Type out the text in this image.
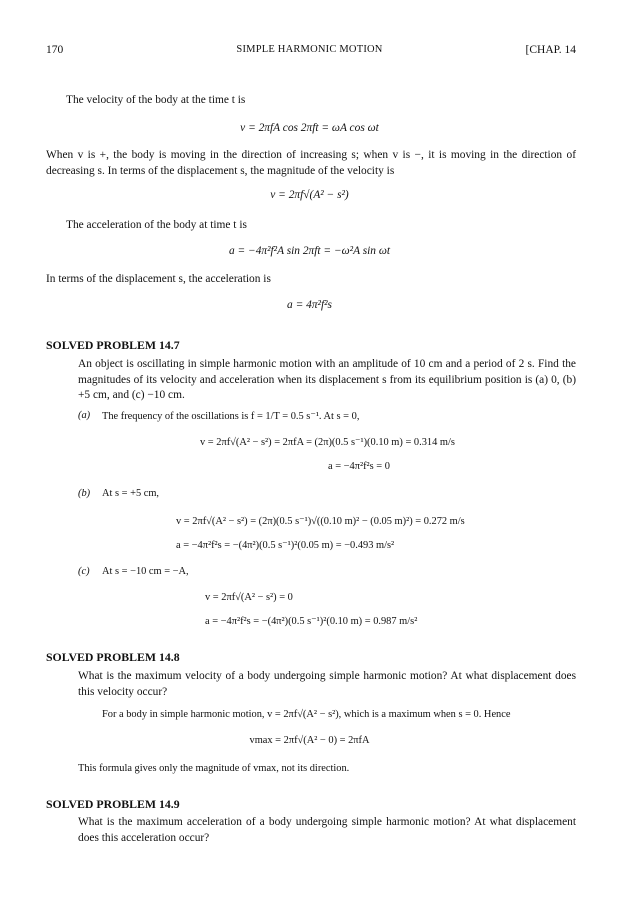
170	SIMPLE HARMONIC MOTION	[CHAP. 14
The velocity of the body at the time t is
v = 2πfA cos 2πft = ωA cos ωt
When v is +, the body is moving in the direction of increasing s; when v is −, it is moving in the direction of decreasing s. In terms of the displacement s, the magnitude of the velocity is
v = 2πf√(A² − s²)
The acceleration of the body at time t is
a = −4π²f²A sin 2πft = −ω²A sin ωt
In terms of the displacement s, the acceleration is
a = 4π²f²s
SOLVED PROBLEM 14.7
An object is oscillating in simple harmonic motion with an amplitude of 10 cm and a period of 2 s. Find the magnitudes of its velocity and acceleration when its displacement s from its equilibrium position is (a) 0, (b) +5 cm, and (c) −10 cm.
(a) The frequency of the oscillations is f = 1/T = 0.5 s⁻¹. At s = 0,
v = 2πf√(A² − s²) = 2πfA = (2π)(0.5 s⁻¹)(0.10 m) = 0.314 m/s
a = −4π²f²s = 0
(b) At s = +5 cm,
v = 2πf√(A² − s²) = (2π)(0.5 s⁻¹)√((0.10 m)² − (0.05 m)²) = 0.272 m/s
a = −4π²f²s = −(4π²)(0.5 s⁻¹)²(0.05 m) = −0.493 m/s²
(c) At s = −10 cm = −A,
v = 2πf√(A² − s²) = 0
a = −4π²f²s = −(4π²)(0.5 s⁻¹)²(0.10 m) = 0.987 m/s²
SOLVED PROBLEM 14.8
What is the maximum velocity of a body undergoing simple harmonic motion? At what displacement does this velocity occur?
For a body in simple harmonic motion, v = 2πf√(A² − s²), which is a maximum when s = 0. Hence
vmax = 2πf√(A² − 0) = 2πfA
This formula gives only the magnitude of vmax, not its direction.
SOLVED PROBLEM 14.9
What is the maximum acceleration of a body undergoing simple harmonic motion? At what displacement does this acceleration occur?
